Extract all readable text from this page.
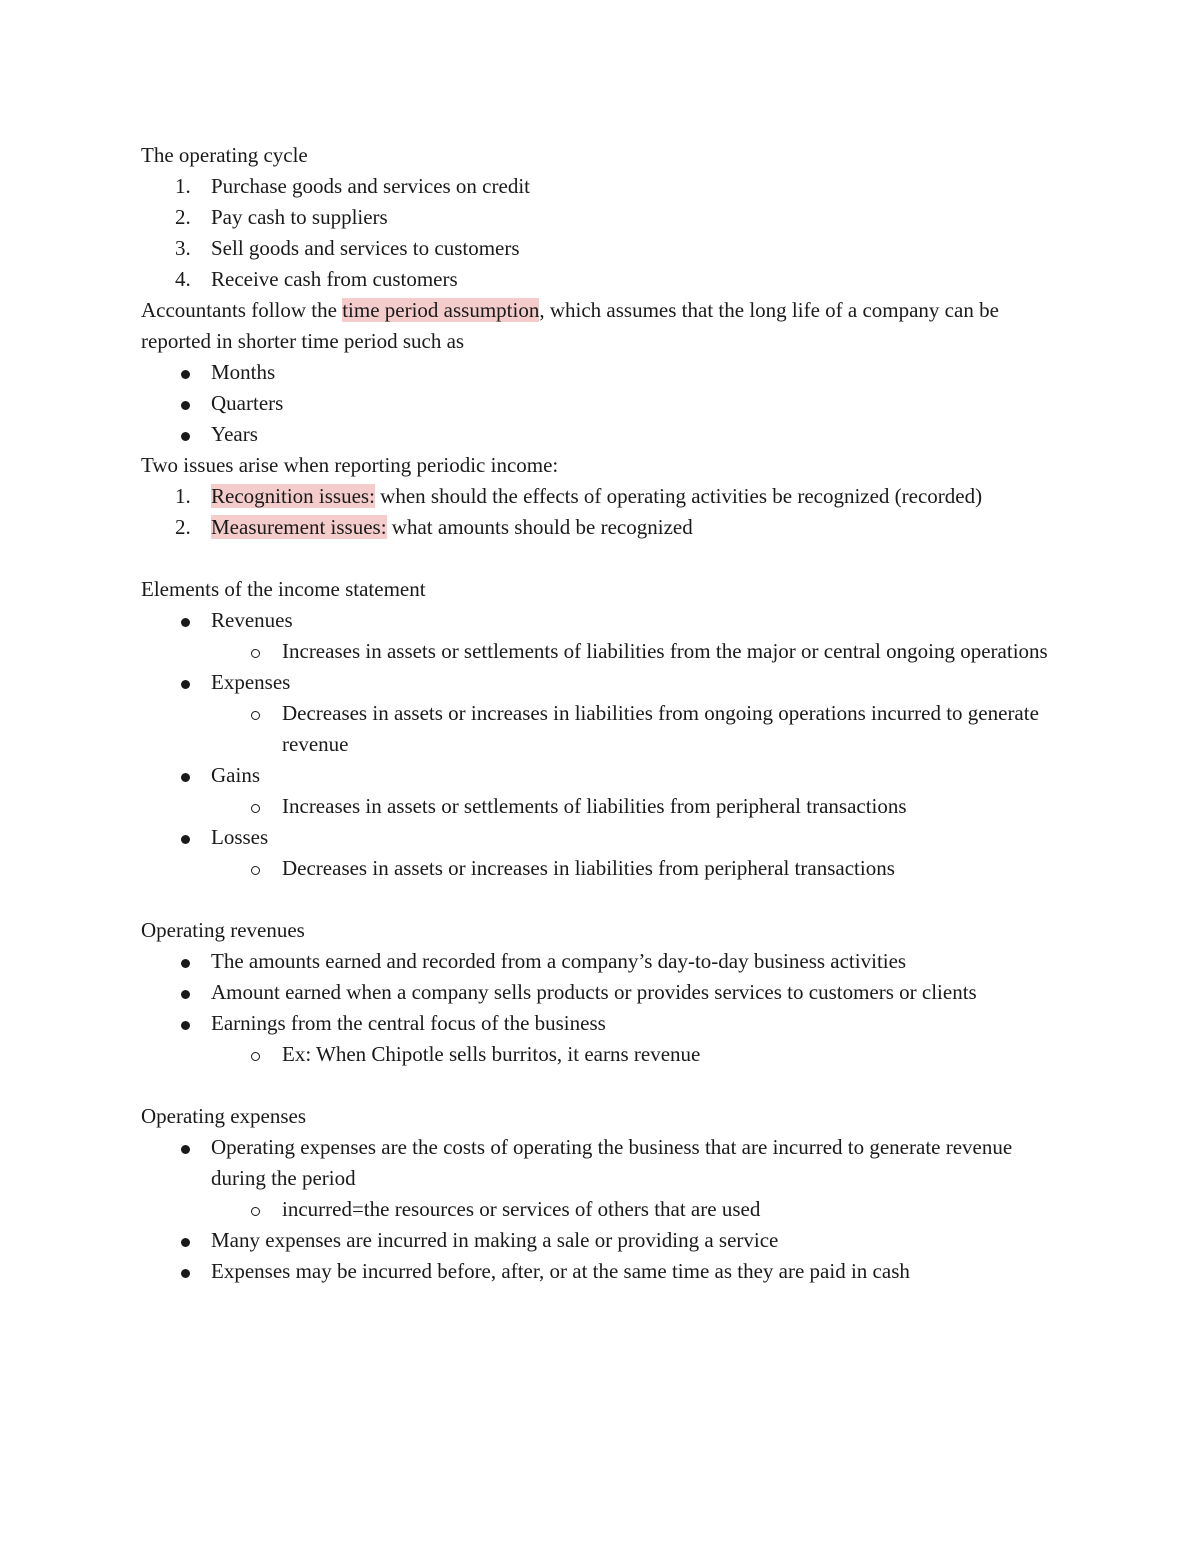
The operating cycle

1. Purchase goods and services on credit
2. Pay cash to suppliers
3. Sell goods and services to customers
4. Receive cash from customers

Accountants follow the time period assumption, which assumes that the long life of a company can be reported in shorter time period such as

Months
Quarters
Years

Two issues arise when reporting periodic income:

1. Recognition issues: when should the effects of operating activities be recognized (recorded)
2. Measurement issues: what amounts should be recognized

Elements of the income statement

Revenues
Increases in assets or settlements of liabilities from the major or central ongoing operations
Expenses
Decreases in assets or increases in liabilities from ongoing operations incurred to generate revenue
Gains
Increases in assets or settlements of liabilities from peripheral transactions
Losses
Decreases in assets or increases in liabilities from peripheral transactions

Operating revenues

The amounts earned and recorded from a company’s day-to-day business activities
Amount earned when a company sells products or provides services to customers or clients
Earnings from the central focus of the business
Ex: When Chipotle sells burritos, it earns revenue

Operating expenses

Operating expenses are the costs of operating the business that are incurred to generate revenue during the period
incurred=the resources or services of others that are used
Many expenses are incurred in making a sale or providing a service
Expenses may be incurred before, after, or at the same time as they are paid in cash
